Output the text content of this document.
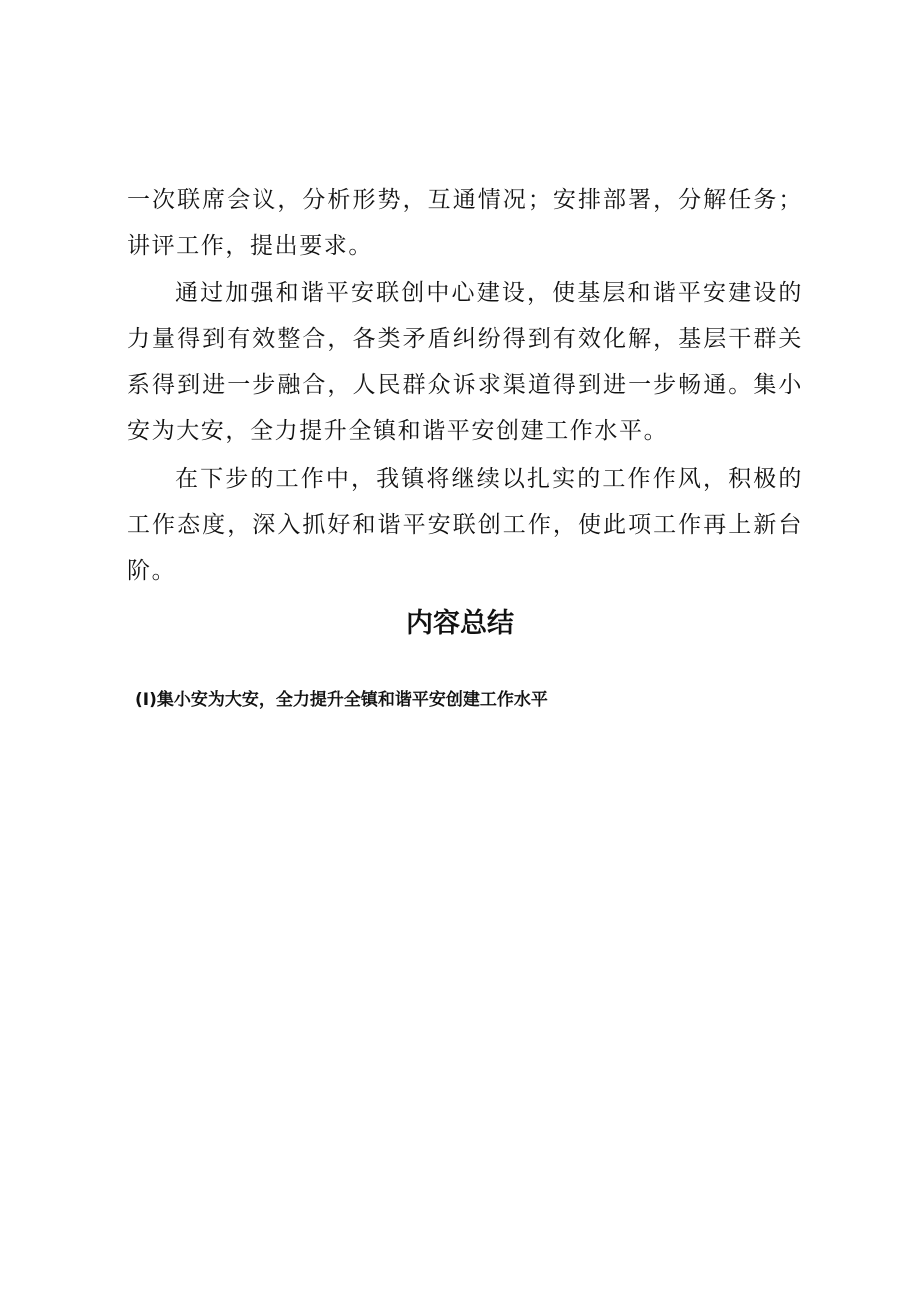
一次联席会议，分析形势，互通情况；安排部署，分解任务；讲评工作，提出要求。

通过加强和谐平安联创中心建设，使基层和谐平安建设的力量得到有效整合，各类矛盾纠纷得到有效化解，基层干群关系得到进一步融合，人民群众诉求渠道得到进一步畅通。集小安为大安，全力提升全镇和谐平安创建工作水平。

在下步的工作中，我镇将继续以扎实的工作作风，积极的工作态度，深入抓好和谐平安联创工作，使此项工作再上新台阶。

内容总结

(I)集小安为大安，全力提升全镇和谐平安创建工作水平
